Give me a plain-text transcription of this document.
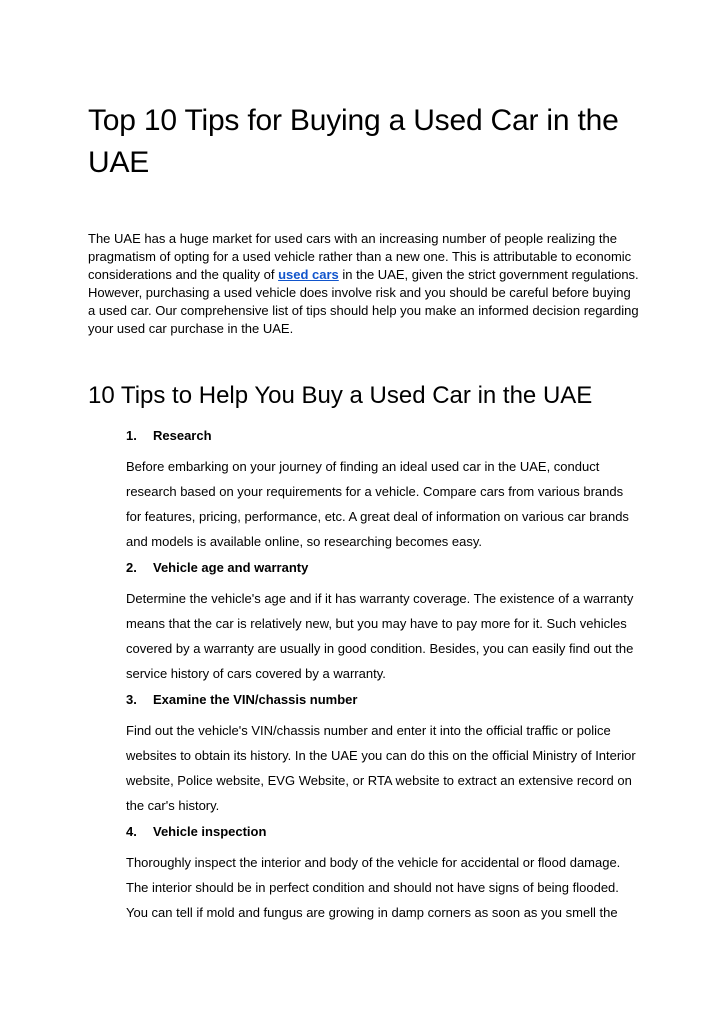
Top 10 Tips for Buying a Used Car in the UAE

The UAE has a huge market for used cars with an increasing number of people realizing the pragmatism of opting for a used vehicle rather than a new one. This is attributable to economic considerations and the quality of used cars in the UAE, given the strict government regulations. However, purchasing a used vehicle does involve risk and you should be careful before buying a used car. Our comprehensive list of tips should help you make an informed decision regarding your used car purchase in the UAE.

10 Tips to Help You Buy a Used Car in the UAE

1. Research

Before embarking on your journey of finding an ideal used car in the UAE, conduct research based on your requirements for a vehicle. Compare cars from various brands for features, pricing, performance, etc. A great deal of information on various car brands and models is available online, so researching becomes easy.

2. Vehicle age and warranty

Determine the vehicle's age and if it has warranty coverage. The existence of a warranty means that the car is relatively new, but you may have to pay more for it. Such vehicles covered by a warranty are usually in good condition. Besides, you can easily find out the service history of cars covered by a warranty.

3. Examine the VIN/chassis number

Find out the vehicle's VIN/chassis number and enter it into the official traffic or police websites to obtain its history. In the UAE you can do this on the official Ministry of Interior website, Police website, EVG Website, or RTA website to extract an extensive record on the car's history.

4. Vehicle inspection

Thoroughly inspect the interior and body of the vehicle for accidental or flood damage. The interior should be in perfect condition and should not have signs of being flooded. You can tell if mold and fungus are growing in damp corners as soon as you smell the
